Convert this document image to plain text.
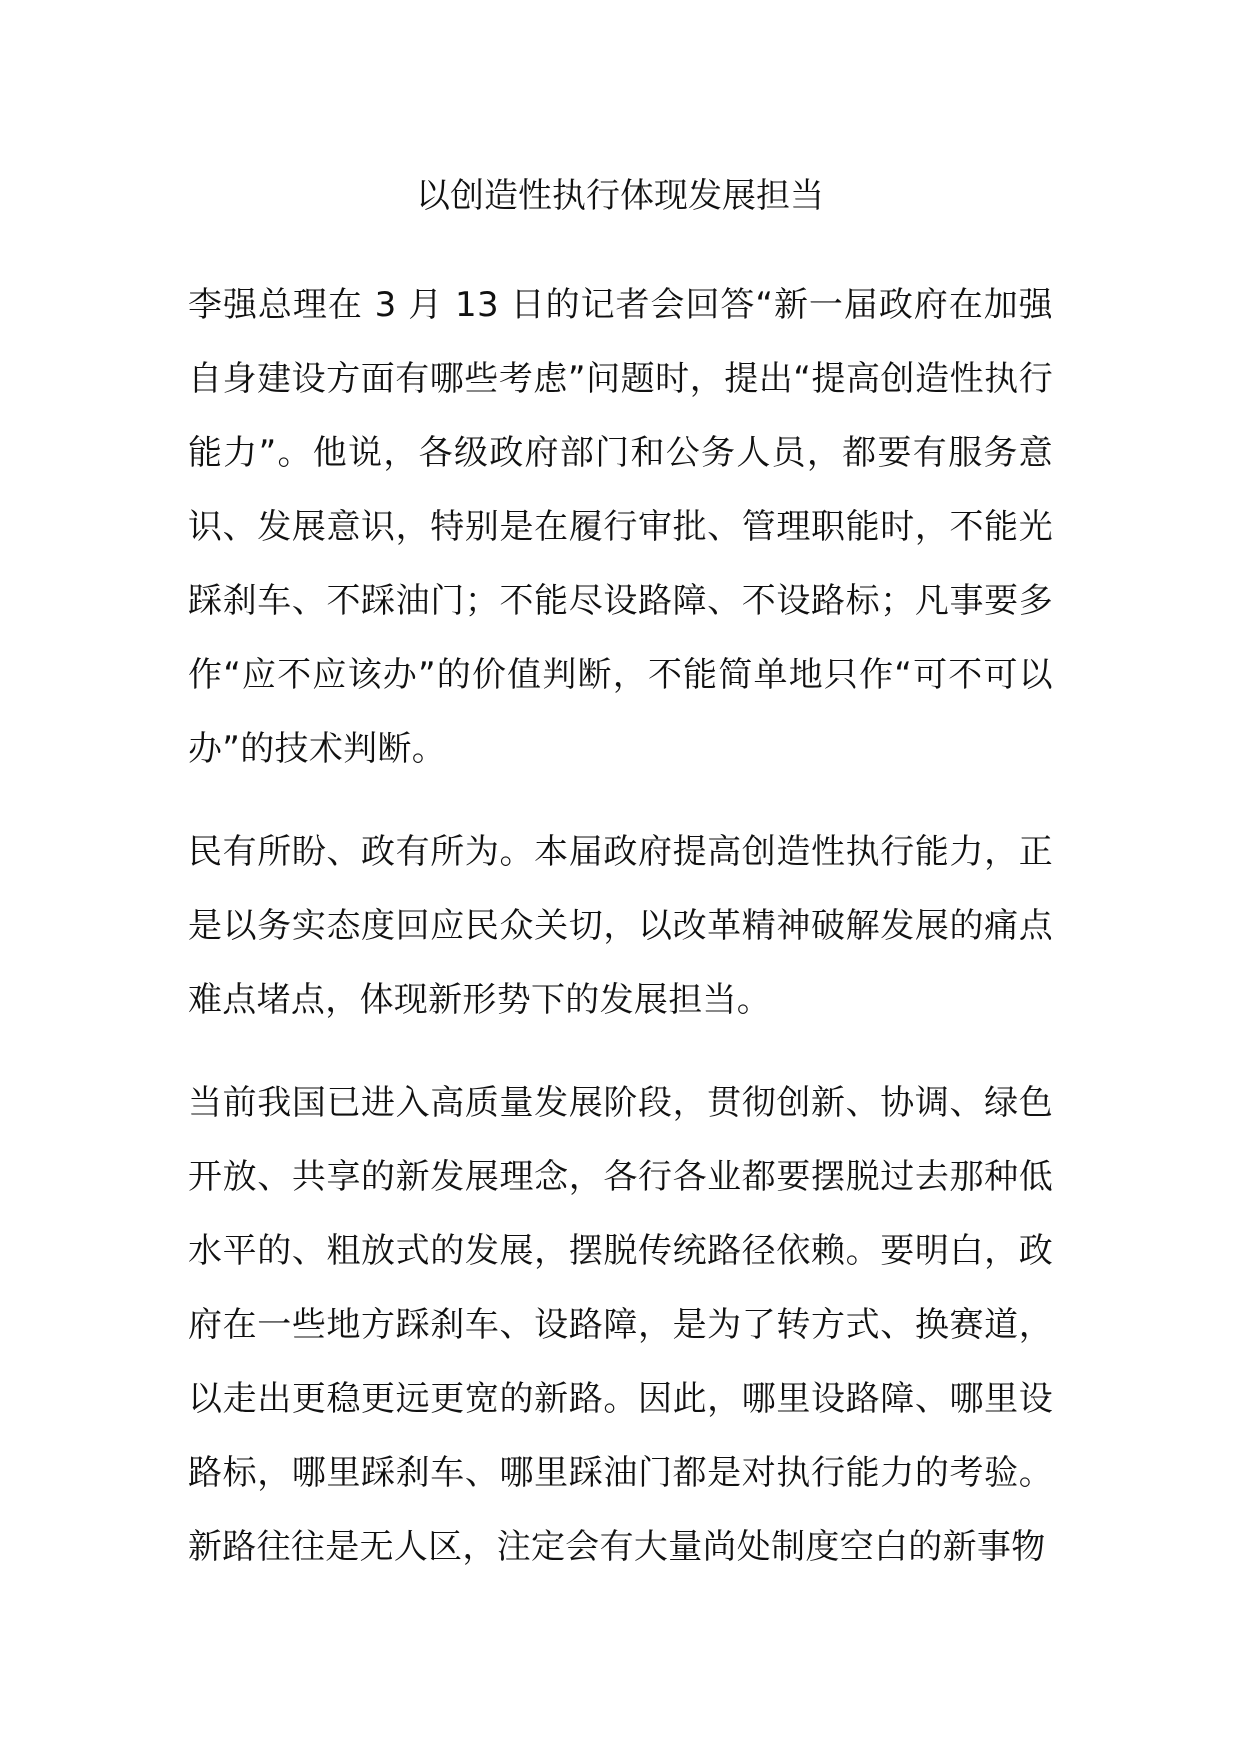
以创造性执行体现发展担当

李强总理在 3 月 13 日的记者会回答“新一届政府在加强自身建设方面有哪些考虑”问题时，提出“提高创造性执行能力”。他说，各级政府部门和公务人员，都要有服务意识、发展意识，特别是在履行审批、管理职能时，不能光踩刹车、不踩油门；不能尽设路障、不设路标；凡事要多作“应不应该办”的价值判断，不能简单地只作“可不可以办”的技术判断。

民有所盼、政有所为。本届政府提高创造性执行能力，正是以务实态度回应民众关切，以改革精神破解发展的痛点难点堵点，体现新形势下的发展担当。

当前我国已进入高质量发展阶段，贯彻创新、协调、绿色开放、共享的新发展理念，各行各业都要摆脱过去那种低水平的、粗放式的发展，摆脱传统路径依赖。要明白，政府在一些地方踩刹车、设路障，是为了转方式、换赛道，以走出更稳更远更宽的新路。因此，哪里设路障、哪里设路标，哪里踩刹车、哪里踩油门都是对执行能力的考验。新路往往是无人区，注定会有大量尚处制度空白的新事物
